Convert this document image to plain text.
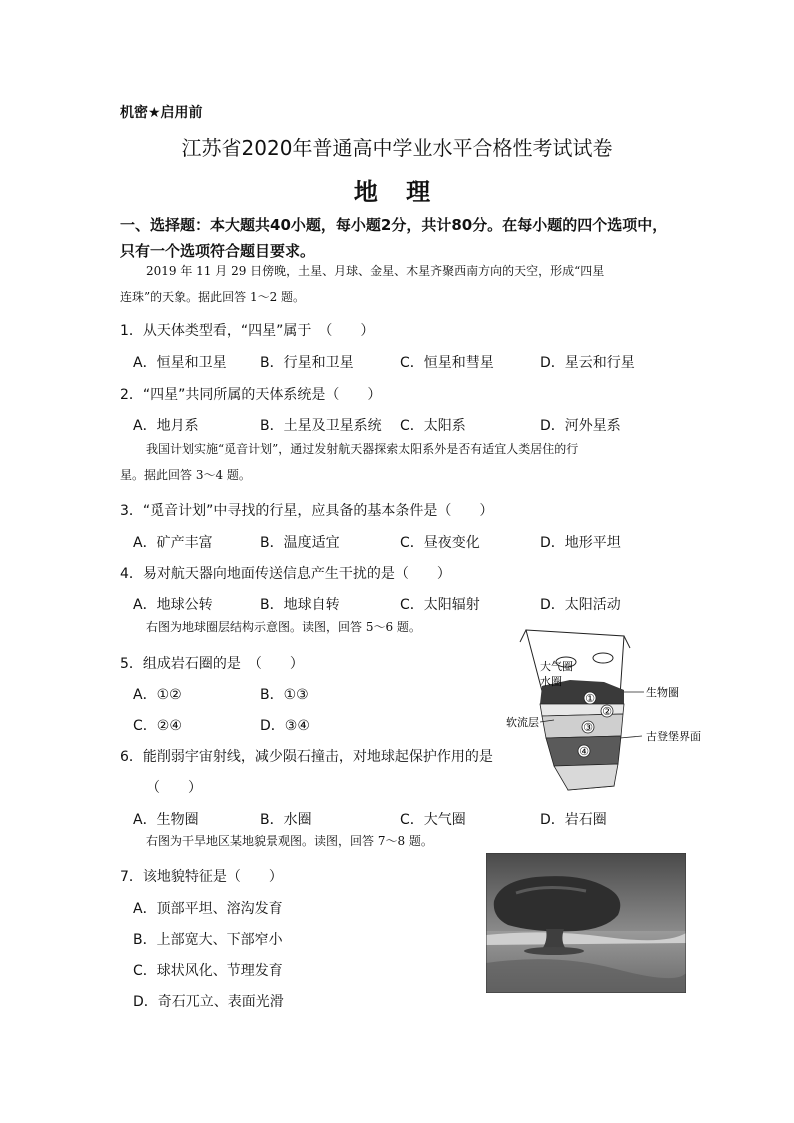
机密★启用前
江苏省2020年普通高中学业水平合格性考试试卷
地 理
一、选择题：本大题共40小题，每小题2分，共计80分。在每小题的四个选项中，
只有一个选项符合题目要求。
2019 年 11 月 29 日傍晚，土星、月球、金星、木星齐聚西南方向的天空，形成“四星
连珠”的天象。据此回答 1～2 题。
1．从天体类型看，“四星”属于　（　　）
A．恒星和卫星 B．行星和卫星	C．恒星和彗星	D．星云和行星
2．“四星”共同所属的天体系统是（　　）
A．地月系	B．土星及卫星系统 C．太阳系	D．河外星系
我国计划实施“觅音计划”，通过发射航天器探索太阳系外是否有适宜人类居住的行
星。据此回答 3～4 题。
3．“觅音计划”中寻找的行星，应具备的基本条件是（　　）
A．矿产丰富	B．温度适宜	C．昼夜变化	D．地形平坦
4．易对航天器向地面传送信息产生干扰的是（　　）
A．地球公转	B．地球自转	C．太阳辐射	D．太阳活动
右图为地球圈层结构示意图。读图，回答 5～6 题。
5．组成岩石圈的是　（　　）
A．①②	B．①③
C．②④	D．③④
6．能削弱宇宙射线，减少陨石撞击，对地球起保护作用的是
（　　）
A．生物圈	B．水圈	C．大气圈	D．岩石圈
右图为干旱地区某地貌景观图。读图，回答 7～8 题。
7．该地貌特征是（　　）
A．顶部平坦、溶沟发育
B．上部宽大、下部窄小
C．球状风化、节理发育
D．奇石兀立、表面光滑
①
②
③
④
大气圈
水圈
生物圈
软流层
古登堡界面
